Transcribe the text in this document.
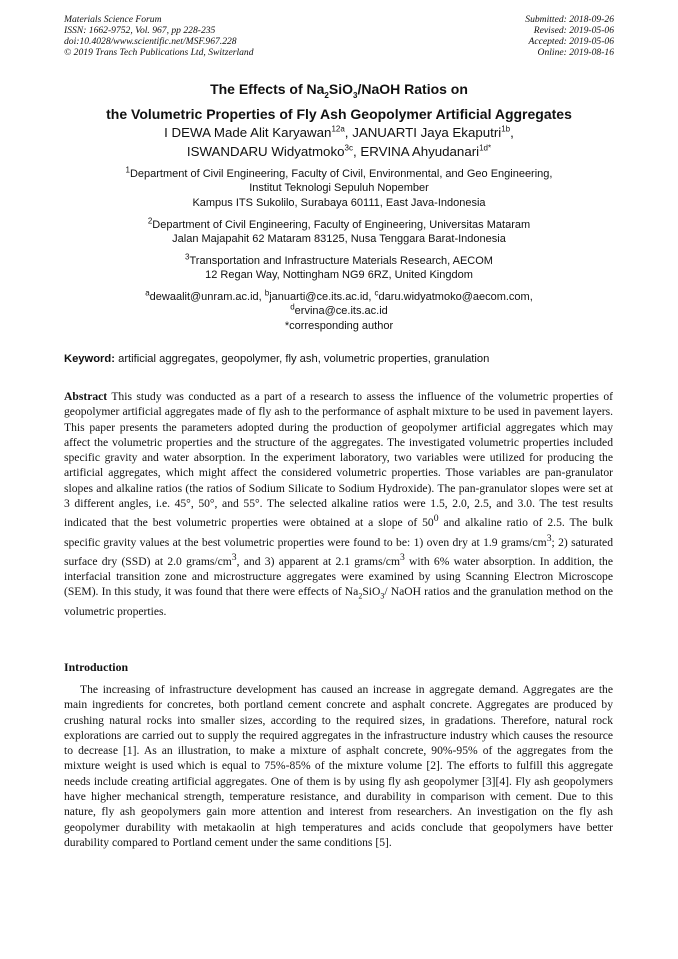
Materials Science Forum
ISSN: 1662-9752, Vol. 967, pp 228-235
doi:10.4028/www.scientific.net/MSF.967.228
© 2019 Trans Tech Publications Ltd, Switzerland
Submitted: 2018-09-26
Revised: 2019-05-06
Accepted: 2019-05-06
Online: 2019-08-16
The Effects of $Na_2SiO_3$/NaOH Ratios on
the Volumetric Properties of Fly Ash Geopolymer Artificial Aggregates
I DEWA Made Alit Karyawan$^{12a}$, JANUARTI Jaya Ekaputri$^{1b}$,
ISWANDARU Widyatmoko$^{3c}$, ERVINA Ahyudanari$^{1d*}$
$^1$Department of Civil Engineering, Faculty of Civil, Environmental, and Geo Engineering,
Institut Teknologi Sepuluh Nopember
Kampus ITS Sukolilo, Surabaya 60111, East Java-Indonesia
$^2$Department of Civil Engineering, Faculty of Engineering, Universitas Mataram
Jalan Majapahit 62 Mataram 83125, Nusa Tenggara Barat-Indonesia
$^3$Transportation and Infrastructure Materials Research, AECOM
12 Regan Way, Nottingham NG9 6RZ, United Kingdom
$^a$dewaalit@unram.ac.id, $^b$januarti@ce.its.ac.id, $^c$daru.widyatmoko@aecom.com,
$^d$ervina@ce.its.ac.id
*corresponding author
Keyword: artificial aggregates, geopolymer, fly ash, volumetric properties, granulation
Abstract This study was conducted as a part of a research to assess the influence of the volumetric properties of geopolymer artificial aggregates made of fly ash to the performance of asphalt mixture to be used in pavement layers. This paper presents the parameters adopted during the production of geopolymer artificial aggregates which may affect the volumetric properties and the structure of the aggregates. The investigated volumetric properties included specific gravity and water absorption. In the experiment laboratory, two variables were utilized for producing the artificial aggregates, which might affect the considered volumetric properties. Those variables are pan-granulator slopes and alkaline ratios (the ratios of Sodium Silicate to Sodium Hydroxide). The pan-granulator slopes were set at 3 different angles, i.e. 45°, 50°, and 55°. The selected alkaline ratios were 1.5, 2.0, 2.5, and 3.0. The test results indicated that the best volumetric properties were obtained at a slope of $50^0$ and alkaline ratio of 2.5. The bulk specific gravity values at the best volumetric properties were found to be: 1) oven dry at 1.9 grams/$cm^3$; 2) saturated surface dry (SSD) at 2.0 grams/$cm^3$, and 3) apparent at 2.1 grams/$cm^3$ with 6% water absorption. In addition, the interfacial transition zone and microstructure aggregates were examined by using Scanning Electron Microscope (SEM). In this study, it was found that there were effects of $Na_2SiO_3/$ NaOH ratios and the granulation method on the volumetric properties.
Introduction
The increasing of infrastructure development has caused an increase in aggregate demand. Aggregates are the main ingredients for concretes, both portland cement concrete and asphalt concrete. Aggregates are produced by crushing natural rocks into smaller sizes, according to the required sizes, in gradations. Therefore, natural rock explorations are carried out to supply the required aggregates in the infrastructure industry which causes the resource to decrease [1]. As an illustration, to make a mixture of asphalt concrete, 90%-95% of the aggregates from the mixture weight is used which is equal to 75%-85% of the mixture volume [2]. The efforts to fulfill this aggregate needs include creating artificial aggregates. One of them is by using fly ash geopolymer [3][4]. Fly ash geopolymers have higher mechanical strength, temperature resistance, and durability in comparison with cement. Due to this nature, fly ash geopolymers gain more attention and interest from researchers. An investigation on the fly ash geopolymer durability with metakaolin at high temperatures and acids conclude that geopolymers have better durability compared to Portland cement under the same conditions [5].
